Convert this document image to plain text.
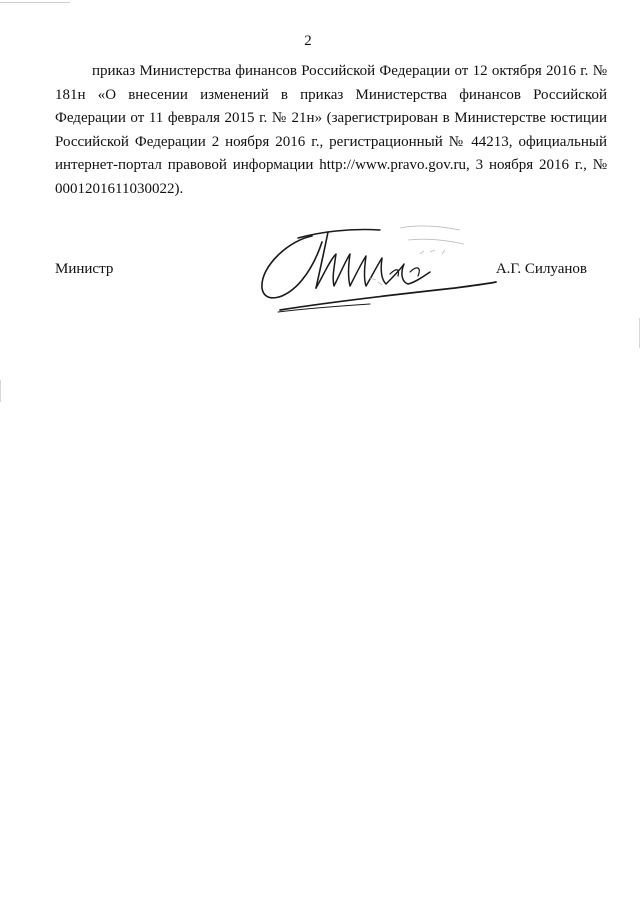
2

приказ Министерства финансов Российской Федерации от 12 октября 2016 г. № 181н «О внесении изменений в приказ Министерства финансов Российской Федерации от 11 февраля 2015 г. № 21н» (зарегистрирован в Министерстве юстиции Российской Федерации 2 ноября 2016 г., регистрационный № 44213, официальный интернет-портал правовой информации http://www.pravo.gov.ru, 3 ноября 2016 г., № 0001201611030022).

Министр	А.Г. Силуанов
